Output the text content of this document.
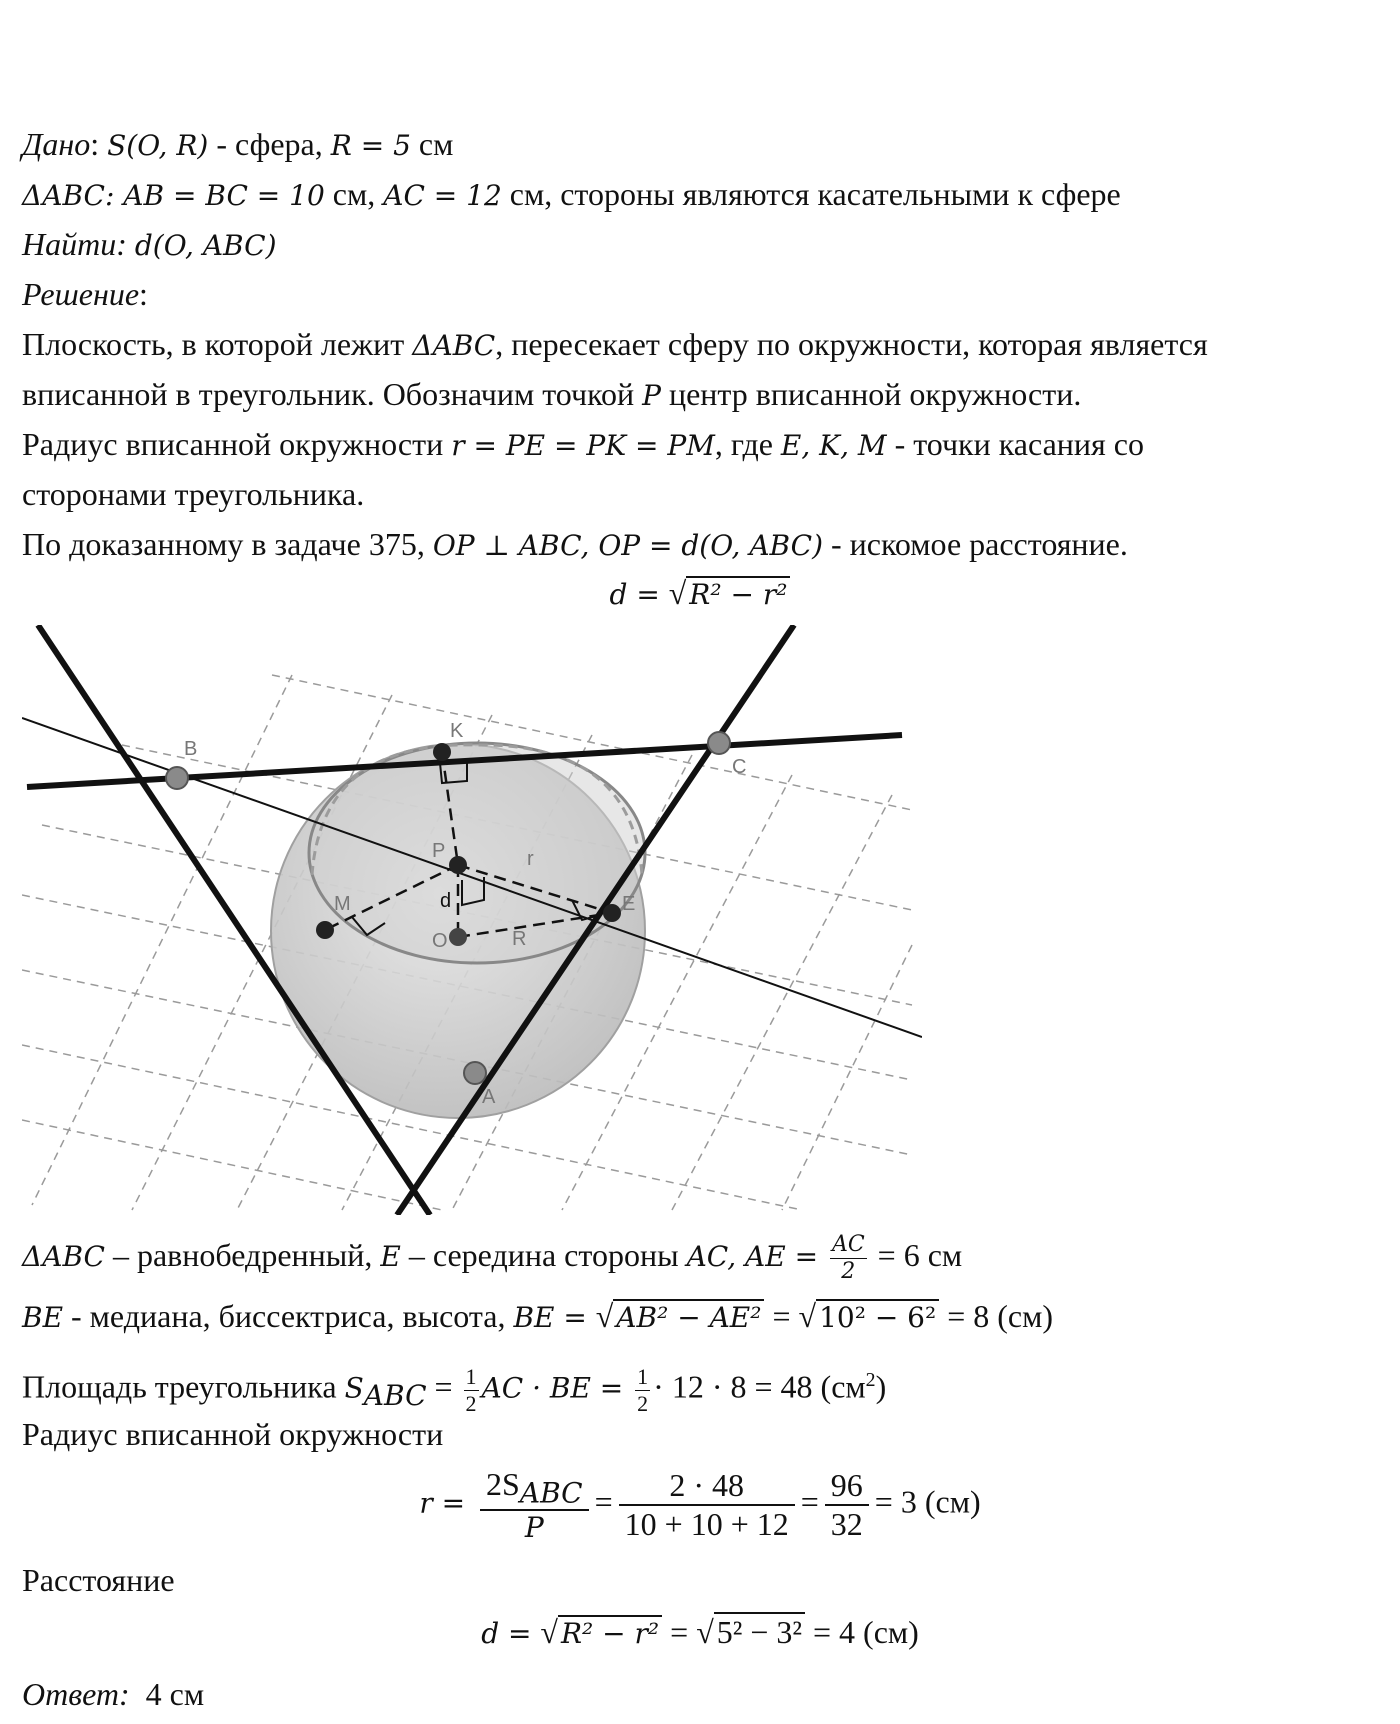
Дано: S(O, R) - сфера, R = 5 см
ΔABC: AB = BC = 10 см, AC = 12 см, стороны являются касательными к сфере
Найти: d(O, ABC)
Решение:
Плоскость, в которой лежит ΔABC, пересекает сферу по окружности, которая является
вписанной в треугольник. Обозначим точкой P центр вписанной окружности.
Радиус вписанной окружности r = PE = PK = PM, где E, K, M - точки касания со
сторонами треугольника.
По доказанному в задаче 375, OP ⊥ ABC, OP = d(O, ABC) - искомое расстояние.
d = √ R² − r²
B
K
C
P	r
M	d	E
O	R
A
ΔABC – равнобедренный, E – середина стороны AC, AE = $\frac{AC}{2} = 6$ см
BE - медиана, биссектриса, высота, BE = √ AB² − AE² = √ 10² − 6² = 8 (см)
Площадь треугольника $S_{ABC} = \frac{1}{2}$ AC · BE = $\frac{1}{2} \cdot 12 \cdot 8 = 48$ $(см^2)$
Радиус вписанной окружности
$r = \frac{2S_{ABC}}{P} = \frac{2 \cdot 48}{10 + 10 + 12} = \frac{96}{32} = 3$ (см)
Расстояние
d = √ R² − r² = √5² − 3² = 4 (см)
Ответ: 4 см
